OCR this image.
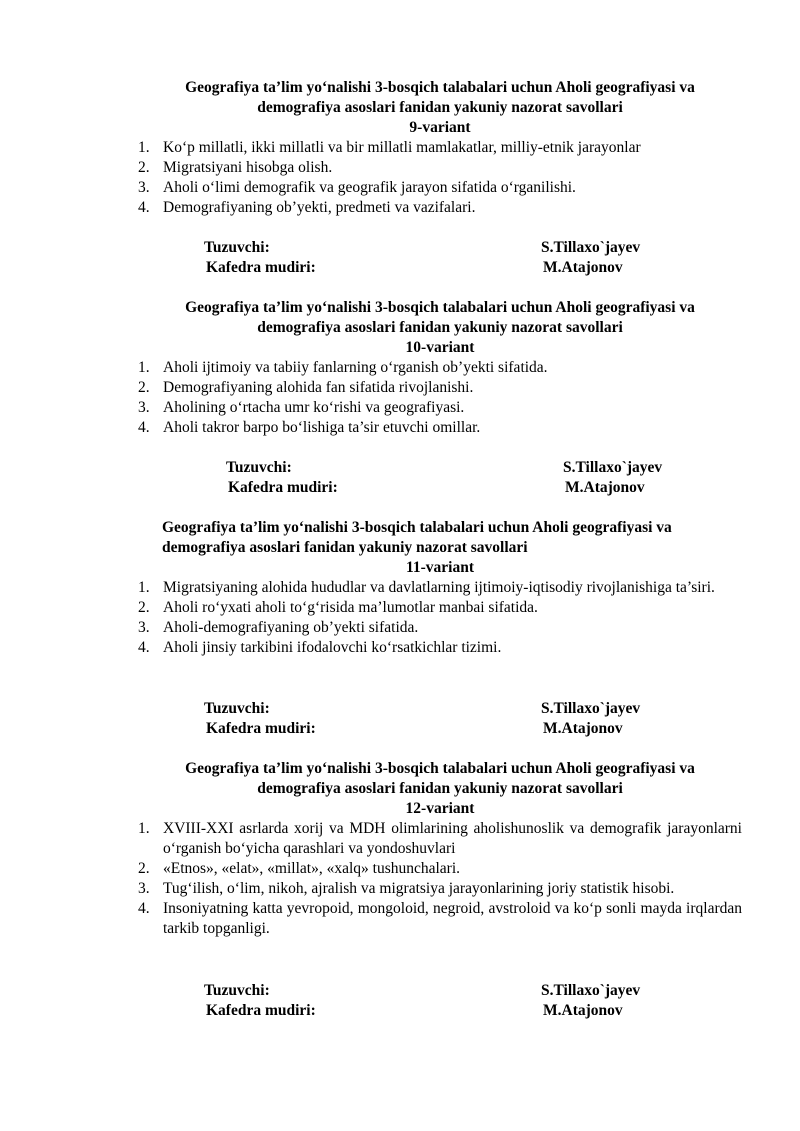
Geografiya ta’lim yo‘nalishi 3-bosqich talabalari uchun Aholi geografiyasi va
demografiya asoslari fanidan yakuniy nazorat savollari
9-variant
1. Ko‘p millatli, ikki millatli va bir millatli mamlakatlar, milliy-etnik jarayonlar
2. Migratsiyani hisobga olish.
3. Aholi o‘limi demografik va geografik jarayon sifatida o‘rganilishi.
4. Demografiyaning ob’yekti, predmeti va vazifalari.
Tuzuvchi:	S.Tillaxo`jayev
Kafedra mudiri:	M.Atajonov
Geografiya ta’lim yo‘nalishi 3-bosqich talabalari uchun Aholi geografiyasi va
demografiya asoslari fanidan yakuniy nazorat savollari
10-variant
1. Aholi ijtimoiy va tabiiy fanlarning o‘rganish ob’yekti sifatida.
2. Demografiyaning alohida fan sifatida rivojlanishi.
3. Aholining o‘rtacha umr ko‘rishi va geografiyasi.
4. Aholi takror barpo bo‘lishiga ta’sir etuvchi omillar.
Tuzuvchi:	S.Tillaxo`jayev
Kafedra mudiri:	M.Atajonov
Geografiya ta’lim yo‘nalishi 3-bosqich talabalari uchun Aholi geografiyasi va
demografiya asoslari fanidan yakuniy nazorat savollari
11-variant
1. Migratsiyaning alohida hududlar va davlatlarning ijtimoiy-iqtisodiy rivojlanishiga ta’siri.
2. Aholi ro‘yxati aholi to‘g‘risida ma’lumotlar manbai sifatida.
3. Aholi-demografiyaning ob’yekti sifatida.
4. Aholi jinsiy tarkibini ifodalovchi ko‘rsatkichlar tizimi.
Tuzuvchi:	S.Tillaxo`jayev
Kafedra mudiri:	M.Atajonov
Geografiya ta’lim yo‘nalishi 3-bosqich talabalari uchun Aholi geografiyasi va
demografiya asoslari fanidan yakuniy nazorat savollari
12-variant
1. XVIII-XXI asrlarda xorij va MDH olimlarining aholishunoslik va demografik jarayonlarni o‘rganish bo‘yicha qarashlari va yondoshuvlari
2. «Etnos», «elat», «millat», «xalq» tushunchalari.
3. Tug‘ilish, o‘lim, nikoh, ajralish va migratsiya jarayonlarining joriy statistik hisobi.
4. Insoniyatning katta yevropoid, mongoloid, negroid, avstroloid va ko‘p sonli mayda irqlardan tarkib topganligi.
Tuzuvchi:	S.Tillaxo`jayev
Kafedra mudiri:	M.Atajonov
